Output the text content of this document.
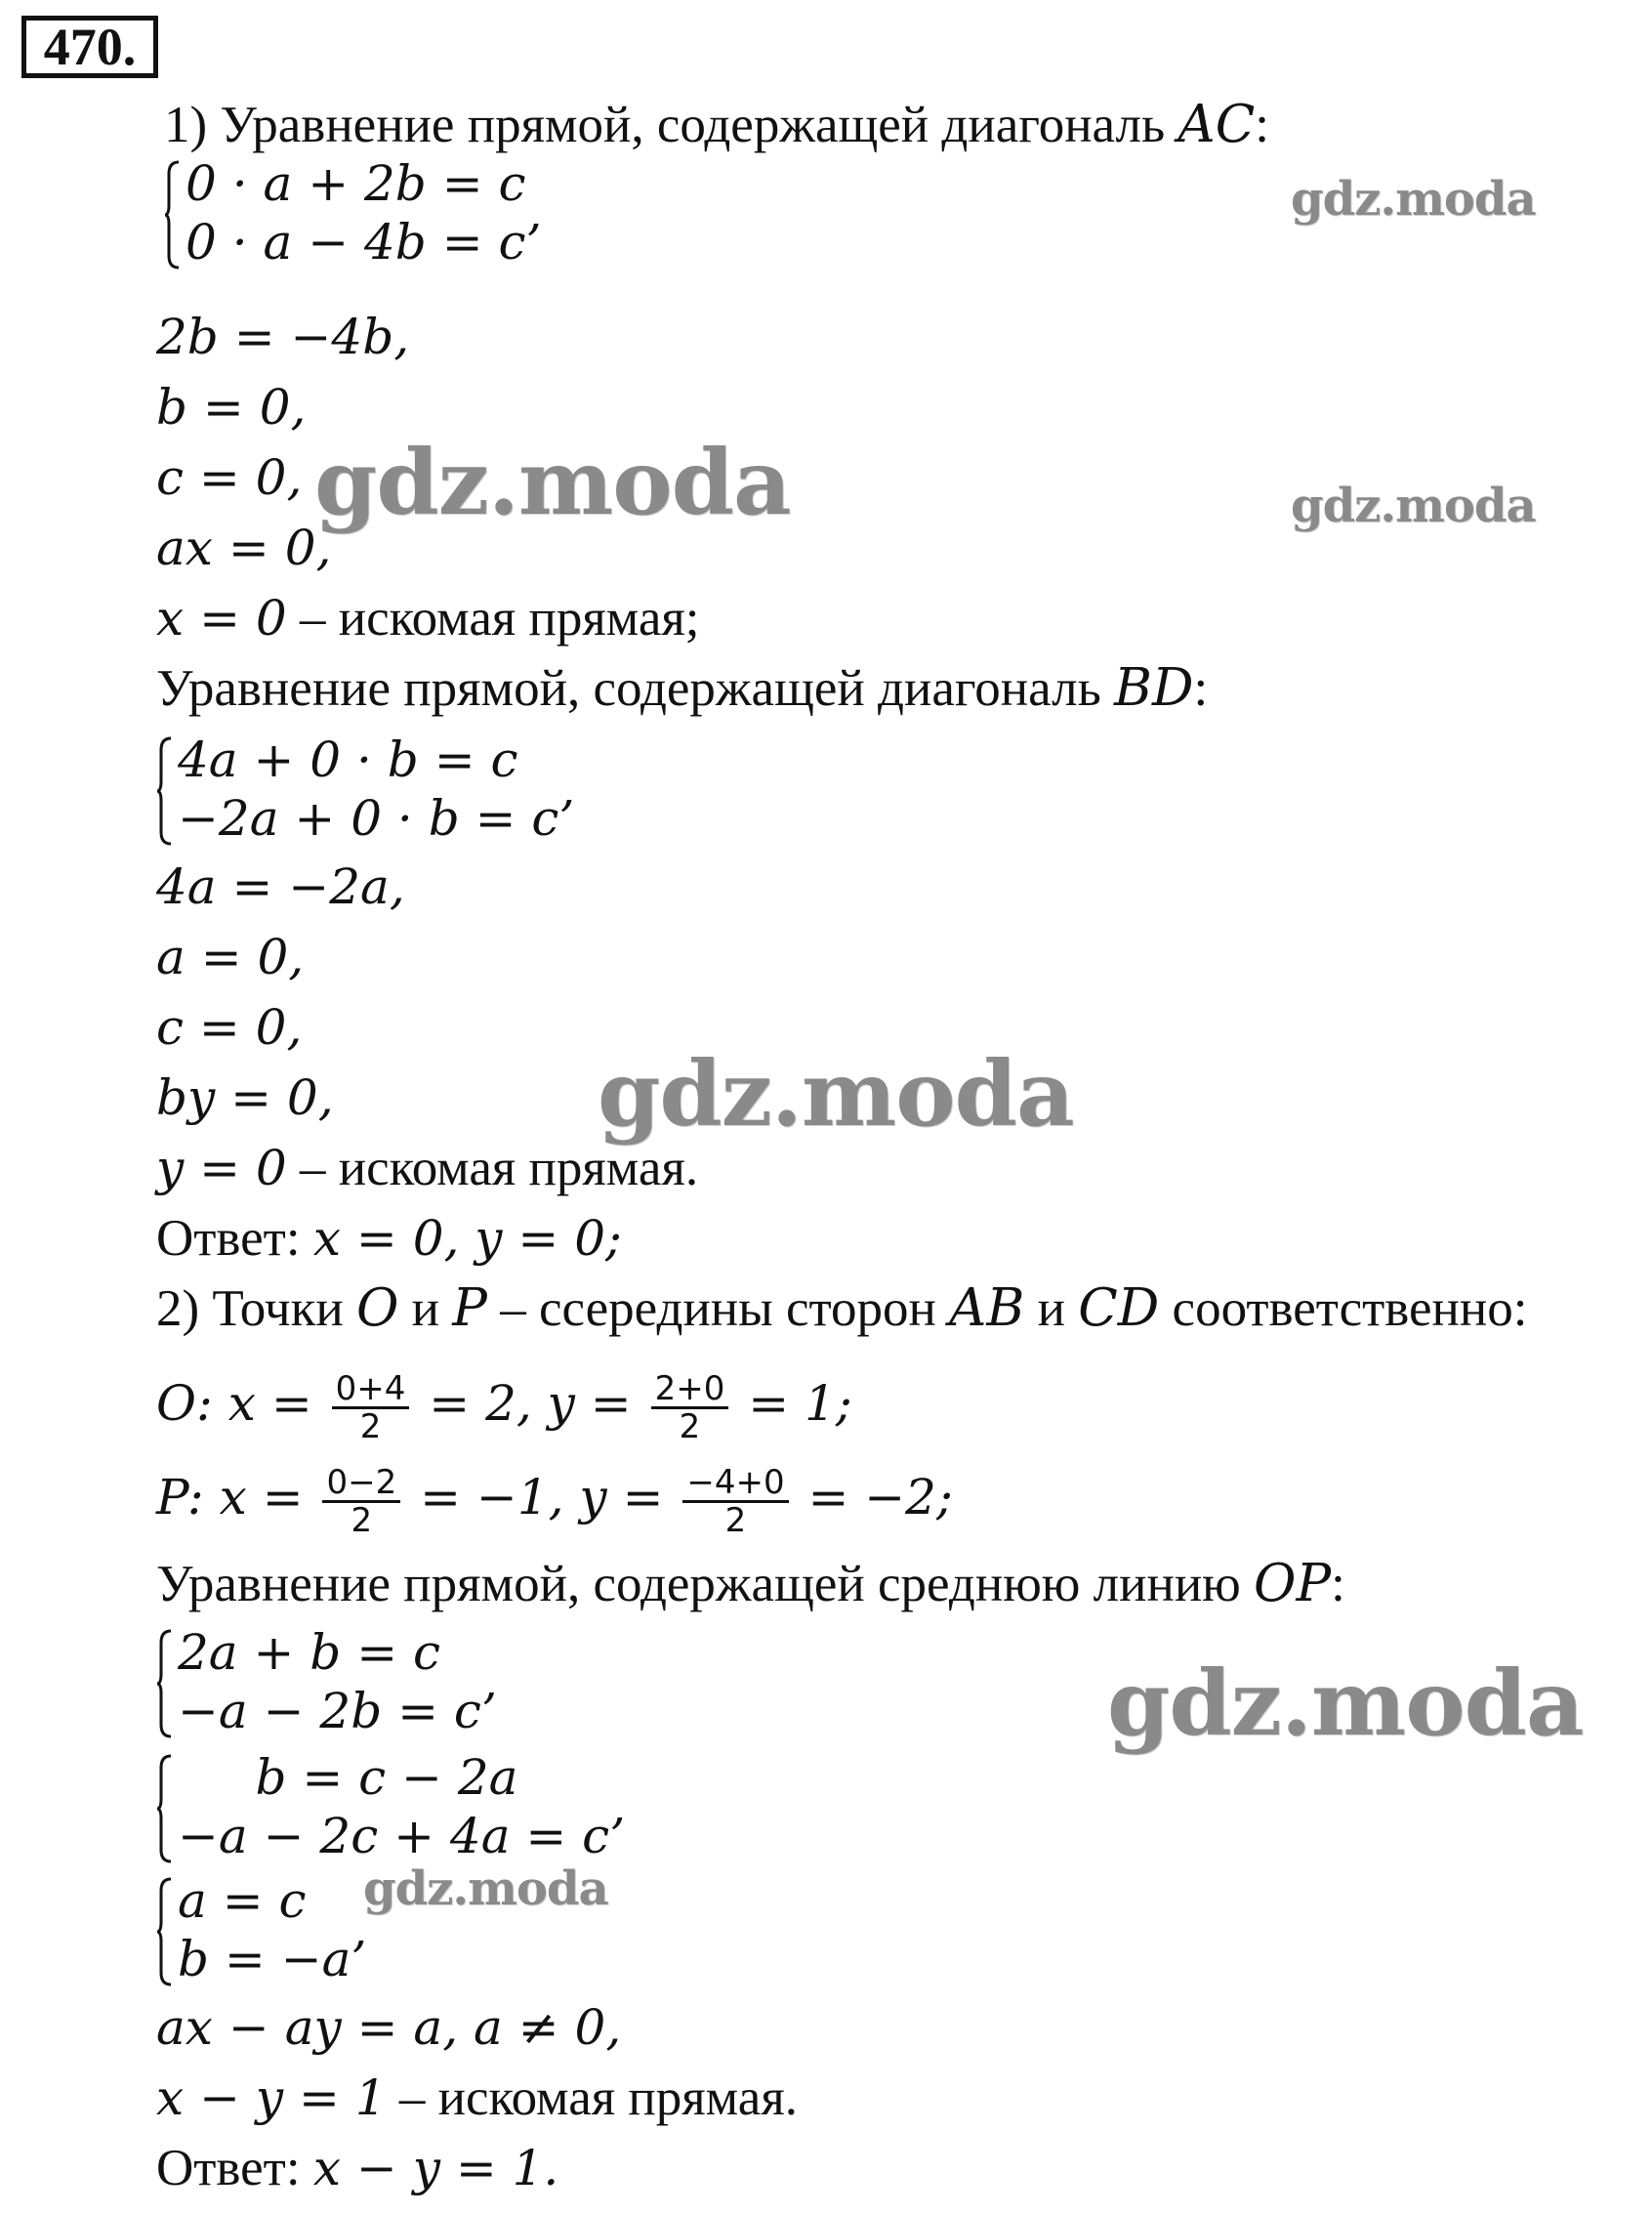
470.
1) Уравнение прямой, содержащей диагональ AC:
0 · a + 2b = c
0 · a − 4b = c’
2b = −4b,
b = 0,
c = 0,
ax = 0,
x = 0 – искомая прямая;
Уравнение прямой, содержащей диагональ BD:
4a + 0 · b = c
−2a + 0 · b = c’
4a = −2a,
a = 0,
c = 0,
by = 0,
y = 0 – искомая прямая.
Ответ: x = 0, y = 0;
2) Точки O и P – ссередины сторон AB и CD соответственно:
O: $x = \frac{0+4}{2} = 2$, $y = \frac{2+0}{2} = 1$;
P: $x = \frac{0-2}{2} = -1$, $y = \frac{-4+0}{2} = -2$;
Уравнение прямой, содержащей среднюю линию OP:
2a + b = c
−a − 2b = c’
b = c − 2a
−a − 2c + 4a = c’
a = c
b = −a’
ax − ay = a, a ≠ 0,
x − y = 1 – искомая прямая.
Ответ: x − y = 1.
gdz.moda
gdz.moda	gdz.moda
gdz.moda
gdz.moda
gdz.moda
